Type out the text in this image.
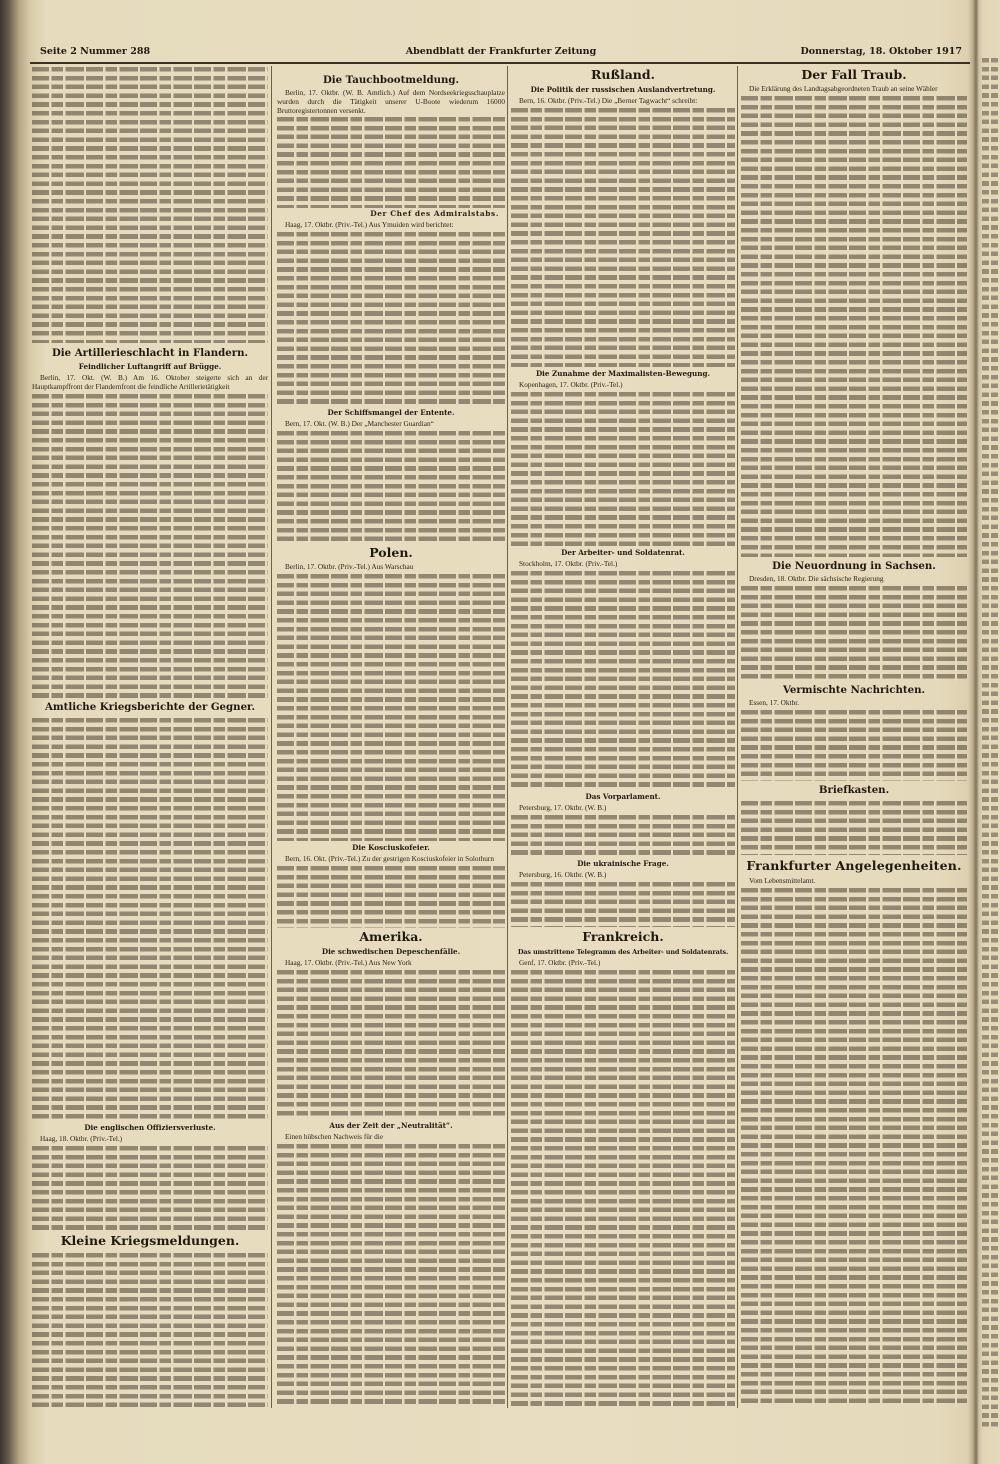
Seite 2 Nummer 288	Abendblatt der Frankfurter Zeitung	Donnerstag, 18. Oktober 1917
Die Artillerieschlacht in Flandern.
Feindlicher Luftangriff auf Brügge.

Berlin, 17. Okt. (W. B.) Am 16. Oktober steigerte sich an der Hauptkampffront der Flandernfront die feindliche Artillerietätigkeit

Amtliche Kriegsberichte der Gegner.
Die englischen Offiziersverluste.

Haag, 18. Oktbr. (Priv.-Tel.)

Kleine Kriegsmeldungen.
Die Tauchbootmeldung.

Berlin, 17. Oktbr. (W. B. Amtlich.) Auf dem Nordseekriegsschauplatze wurden durch die Tätigkeit unserer U-Boote wiederum 16000 Bruttoregistertonnen versenkt.

Der Chef des Admiralstabs.

Haag, 17. Oktbr. (Priv.-Tel.) Aus Ymuiden wird berichtet:

Der Schiffsmangel der Entente.

Bern, 17. Okt. (W. B.) Der „Manchester Guardian“

Polen.

Berlin, 17. Oktbr. (Priv.-Tel.) Aus Warschau

Die Kosciuskofeier.

Bern, 16. Okt. (Priv.-Tel.) Zu der gestrigen Kosciuskofeier in Solothurn

Amerika.
Die schwedischen Depeschenfälle.

Haag, 17. Oktbr. (Priv.-Tel.) Aus New York

Aus der Zeit der „Neutralität“.

Einen hübschen Nachweis für die

Rußland.
Die Politik der russischen Auslandvertretung.

Bern, 16. Oktbr. (Priv.-Tel.) Die „Berner Tagwacht“ schreibt:

Die Zunahme der Maximalisten-Bewegung.

Kopenhagen, 17. Oktbr. (Priv.-Tel.)

Der Arbeiter- und Soldatenrat.

Stockholm, 17. Oktbr. (Priv.-Tel.)

Das Vorparlament.

Petersburg, 17. Oktbr. (W. B.)

Die ukrainische Frage.

Petersburg, 16. Oktbr. (W. B.)

Frankreich.
Das umstrittene Telegramm des Arbeiter- und Soldatenrats.

Genf, 17. Oktbr. (Priv.-Tel.)

Der Fall Traub.

Die Erklärung des Landtagsabgeordneten Traub an seine Wähler

Die Neuordnung in Sachsen.

Dresden, 18. Oktbr. Die sächsische Regierung

Vermischte Nachrichten.

Essen, 17. Oktbr.

Briefkasten.
Frankfurter Angelegenheiten.

Vom Lebensmittelamt.
